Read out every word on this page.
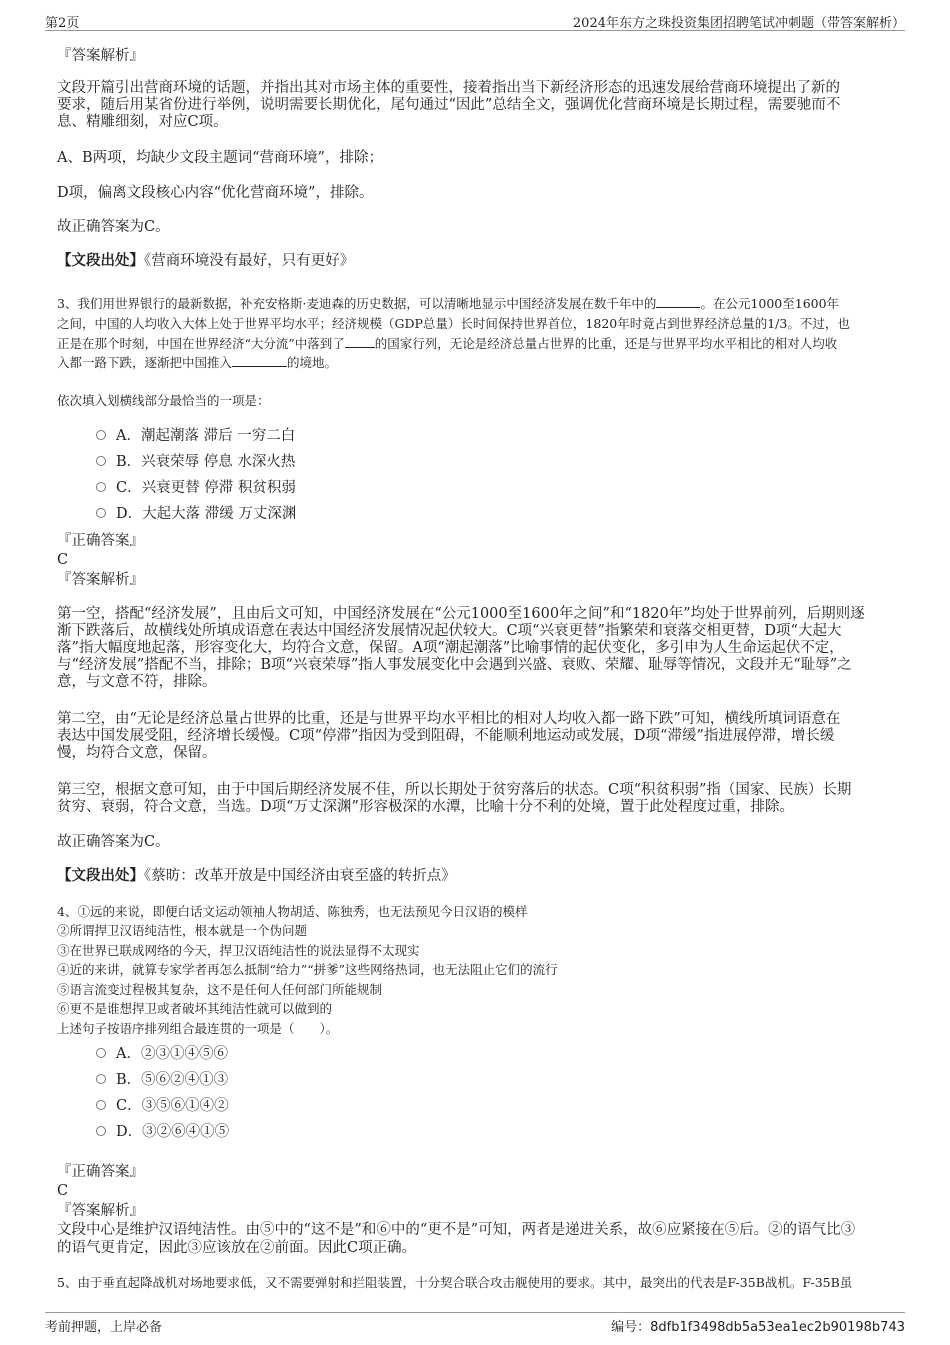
第2页	2024年东方之珠投资集团招聘笔试冲刺题（带答案解析）

『答案解析』

文段开篇引出营商环境的话题，并指出其对市场主体的重要性，接着指出当下新经济形态的迅速发展给营商环境提出了新的

要求，随后用某省份进行举例，说明需要长期优化，尾句通过“因此”总结全文，强调优化营商环境是长期过程，需要驰而不

息、精雕细刻，对应C项。

A、B两项，均缺少文段主题词“营商环境”，排除；

D项，偏离文段核心内容“优化营商环境”，排除。

故正确答案为C。

【文段出处】《营商环境没有最好，只有更好》

3、我们用世界银行的最新数据，补充安格斯·麦迪森的历史数据，可以清晰地显示中国经济发展在数千年中的	。在公元1000至1600年

之间，中国的人均收入大体上处于世界平均水平；经济规模（GDP总量）长时间保持世界首位，1820年时竟占到世界经济总量的1/3。不过，也

正是在那个时刻，中国在世界经济“大分流”中落到了 的国家行列，无论是经济总量占世界的比重，还是与世界平均水平相比的相对人均收

入都一路下跌，逐渐把中国推入	的境地。

依次填入划横线部分最恰当的一项是：

A．潮起潮落 滞后 一穷二白
B．兴衰荣辱 停息 水深火热
C．兴衰更替 停滞 积贫积弱
D．大起大落 滞缓 万丈深渊

『正确答案』

C

『答案解析』

第一空，搭配“经济发展”，且由后文可知，中国经济发展在“公元1000至1600年之间”和“1820年”均处于世界前列，后期则逐

渐下跌落后，故横线处所填成语意在表达中国经济发展情况起伏较大。C项“兴衰更替”指繁荣和衰落交相更替，D项“大起大

落”指大幅度地起落，形容变化大，均符合文意，保留。A项“潮起潮落”比喻事情的起伏变化，多引申为人生命运起伏不定，

与“经济发展”搭配不当，排除；B项“兴衰荣辱”指人事发展变化中会遇到兴盛、衰败、荣耀、耻辱等情况，文段并无“耻辱”之

意，与文意不符，排除。

第二空，由“无论是经济总量占世界的比重，还是与世界平均水平相比的相对人均收入都一路下跌”可知，横线所填词语意在

表达中国发展受阻，经济增长缓慢。C项“停滞”指因为受到阻碍，不能顺利地运动或发展，D项“滞缓”指进展停滞，增长缓

慢，均符合文意，保留。

第三空，根据文意可知，由于中国后期经济发展不佳，所以长期处于贫穷落后的状态。C项“积贫积弱”指（国家、民族）长期

贫穷、衰弱，符合文意，当选。D项“万丈深渊”形容极深的水潭，比喻十分不利的处境，置于此处程度过重，排除。

故正确答案为C。

【文段出处】《蔡昉：改革开放是中国经济由衰至盛的转折点》

4、①远的来说，即便白话文运动领袖人物胡适、陈独秀，也无法预见今日汉语的模样

②所谓捍卫汉语纯洁性，根本就是一个伪问题

③在世界已联成网络的今天，捍卫汉语纯洁性的说法显得不太现实

④近的来讲，就算专家学者再怎么抵制“给力”“拼爹”这些网络热词，也无法阻止它们的流行

⑤语言流变过程极其复杂，这不是任何人任何部门所能规制

⑥更不是谁想捍卫或者破坏其纯洁性就可以做到的

上述句子按语序排列组合最连贯的一项是（　　）。

A．②③①④⑤⑥
B．⑤⑥②④①③
C．③⑤⑥①④②
D．③②⑥④①⑤

『正确答案』

C

『答案解析』

文段中心是维护汉语纯洁性。由⑤中的“这不是”和⑥中的“更不是”可知，两者是递进关系，故⑥应紧接在⑤后。②的语气比③

的语气更肯定，因此③应该放在②前面。因此C项正确。

5、由于垂直起降战机对场地要求低，又不需要弹射和拦阻装置，十分契合联合攻击舰使用的要求。其中，最突出的代表是F-35B战机。F-35B虽

考前押题，上岸必备	编号：8dfb1f3498db5a53ea1ec2b90198b743
